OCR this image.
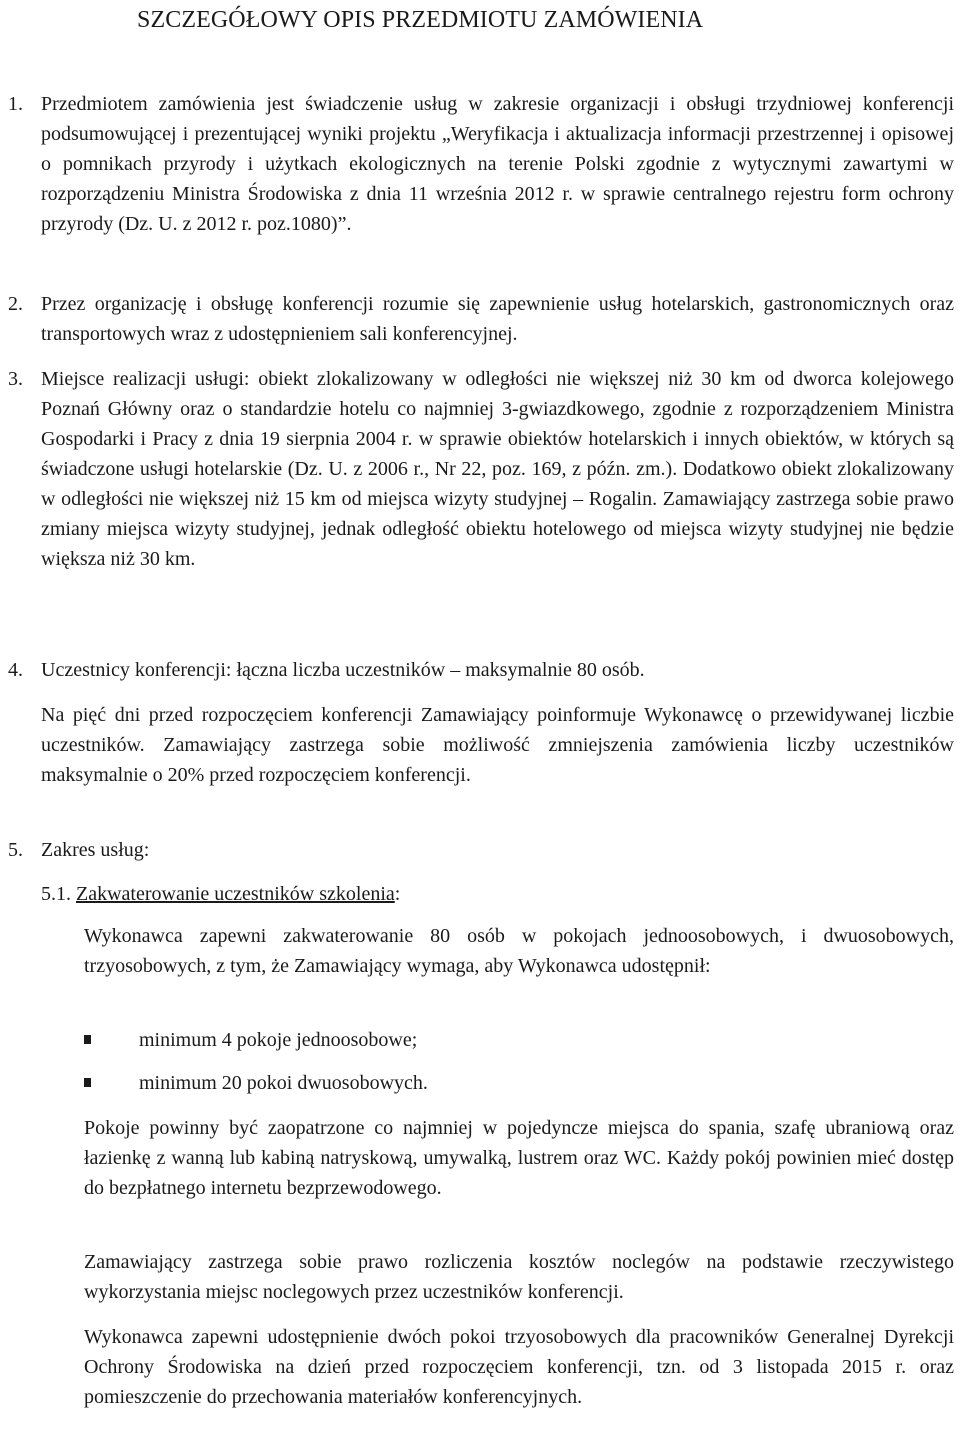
SZCZEGÓŁOWY OPIS PRZEDMIOTU ZAMÓWIENIA
1. Przedmiotem zamówienia jest świadczenie usług w zakresie organizacji i obsługi trzydniowej konferencji podsumowującej i prezentującej wyniki projektu „Weryfikacja i aktualizacja informacji przestrzennej i opisowej o pomnikach przyrody i użytkach ekologicznych na terenie Polski zgodnie z wytycznymi zawartymi w rozporządzeniu Ministra Środowiska z dnia 11 września 2012 r. w sprawie centralnego rejestru form ochrony przyrody (Dz. U. z 2012 r. poz.1080)”.

2. Przez organizację i obsługę konferencji rozumie się zapewnienie usług hotelarskich, gastronomicznych oraz transportowych wraz z udostępnieniem sali konferencyjnej.

3. Miejsce realizacji usługi: obiekt zlokalizowany w odległości nie większej niż 30 km od dworca kolejowego Poznań Główny oraz o standardzie hotelu co najmniej 3-gwiazdkowego, zgodnie z rozporządzeniem Ministra Gospodarki i Pracy z dnia 19 sierpnia 2004 r. w sprawie obiektów hotelarskich i innych obiektów, w których są świadczone usługi hotelarskie (Dz. U. z 2006 r., Nr 22, poz. 169, z późn. zm.). Dodatkowo obiekt zlokalizowany w odległości nie większej niż 15 km od miejsca wizyty studyjnej – Rogalin. Zamawiający zastrzega sobie prawo zmiany miejsca wizyty studyjnej, jednak odległość obiektu hotelowego od miejsca wizyty studyjnej nie będzie większa niż 30 km.

4. Uczestnicy konferencji: łączna liczba uczestników – maksymalnie 80 osób.

Na pięć dni przed rozpoczęciem konferencji Zamawiający poinformuje Wykonawcę o przewidywanej liczbie uczestników. Zamawiający zastrzega sobie możliwość zmniejszenia zamówienia liczby uczestników maksymalnie o 20% przed rozpoczęciem konferencji.

5. Zakres usług:

5.1. Zakwaterowanie uczestników szkolenia:

Wykonawca zapewni zakwaterowanie 80 osób w pokojach jednoosobowych, i dwuosobowych, trzyosobowych, z tym, że Zamawiający wymaga, aby Wykonawca udostępnił:

minimum 4 pokoje jednoosobowe;
minimum 20 pokoi dwuosobowych.

Pokoje powinny być zaopatrzone co najmniej w pojedyncze miejsca do spania, szafę ubraniową oraz łazienkę z wanną lub kabiną natryskową, umywalką, lustrem oraz WC. Każdy pokój powinien mieć dostęp do bezpłatnego internetu bezprzewodowego.

Zamawiający zastrzega sobie prawo rozliczenia kosztów noclegów na podstawie rzeczywistego wykorzystania miejsc noclegowych przez uczestników konferencji.

Wykonawca zapewni udostępnienie dwóch pokoi trzyosobowych dla pracowników Generalnej Dyrekcji Ochrony Środowiska na dzień przed rozpoczęciem konferencji, tzn. od 3 listopada 2015 r. oraz pomieszczenie do przechowania materiałów konferencyjnych.
